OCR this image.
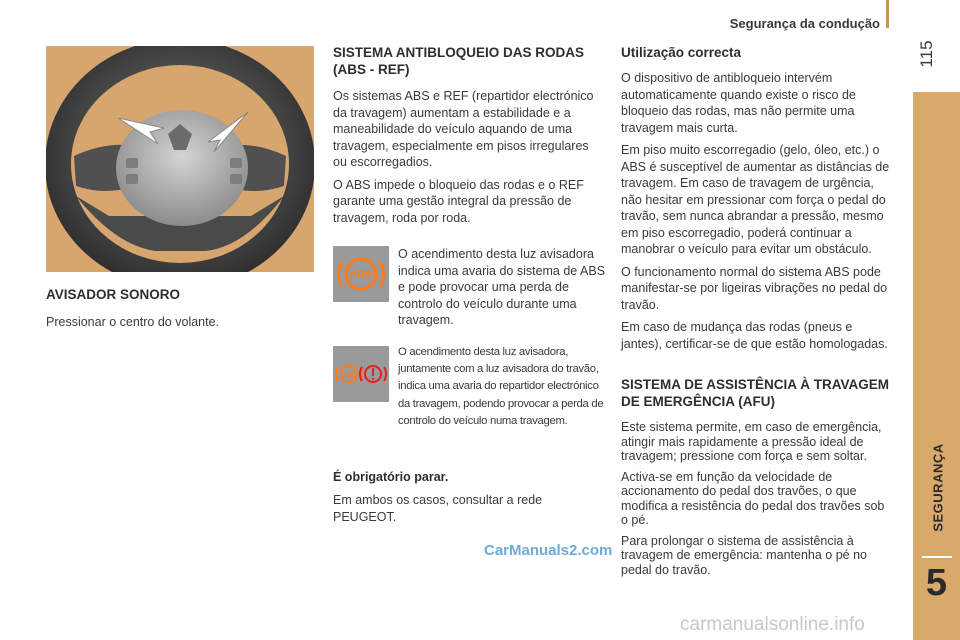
Segurança da condução
115
SEGURANÇA
5
AVISADOR SONORO

Pressionar o centro do volante.

SISTEMA ANTIBLOQUEIO DAS RODAS (ABS - REF)

Os sistemas ABS e REF (repartidor electrónico da travagem) aumentam a estabilidade e a maneabilidade do veículo aquando de uma travagem, especialmente em pisos irregulares ou escorregadios.

O ABS impede o bloqueio das rodas e o REF garante uma gestão integral da pressão de travagem, roda por roda.

ABS

O acendimento desta luz avisadora indica uma avaria do sistema de ABS e pode provocar uma perda de controlo do veículo durante uma travagem.

ABS

O acendimento desta luz avisadora, juntamente com a luz avisadora do travão, indica uma avaria do repartidor electrónico da travagem, podendo provocar a perda de controlo do veículo numa travagem.

É obrigatório parar.

Em ambos os casos, consultar a rede PEUGEOT.

Utilização correcta

O dispositivo de antibloqueio intervém automaticamente quando existe o risco de bloqueio das rodas, mas não permite uma travagem mais curta.

Em piso muito escorregadio (gelo, óleo, etc.) o ABS é susceptível de aumentar as distâncias de travagem. Em caso de travagem de urgência, não hesitar em pressionar com força o pedal do travão, sem nunca abrandar a pressão, mesmo em piso escorregadio, poderá continuar a manobrar o veículo para evitar um obstáculo.

O funcionamento normal do sistema ABS pode manifestar-se por ligeiras vibrações no pedal do travão.

Em caso de mudança das rodas (pneus e jantes), certificar-se de que estão homologadas.

SISTEMA DE ASSISTÊNCIA À TRAVAGEM DE EMERGÊNCIA (AFU)

Este sistema permite, em caso de emergência, atingir mais rapidamente a pressão ideal de travagem; pressione com força e sem soltar.

Activa-se em função da velocidade de accionamento do pedal dos travões, o que modifica a resistência do pedal dos travões sob o pé.

Para prolongar o sistema de assistência à travagem de emergência: mantenha o pé no pedal do travão.

CarManuals2.com
carmanualsonline.info
